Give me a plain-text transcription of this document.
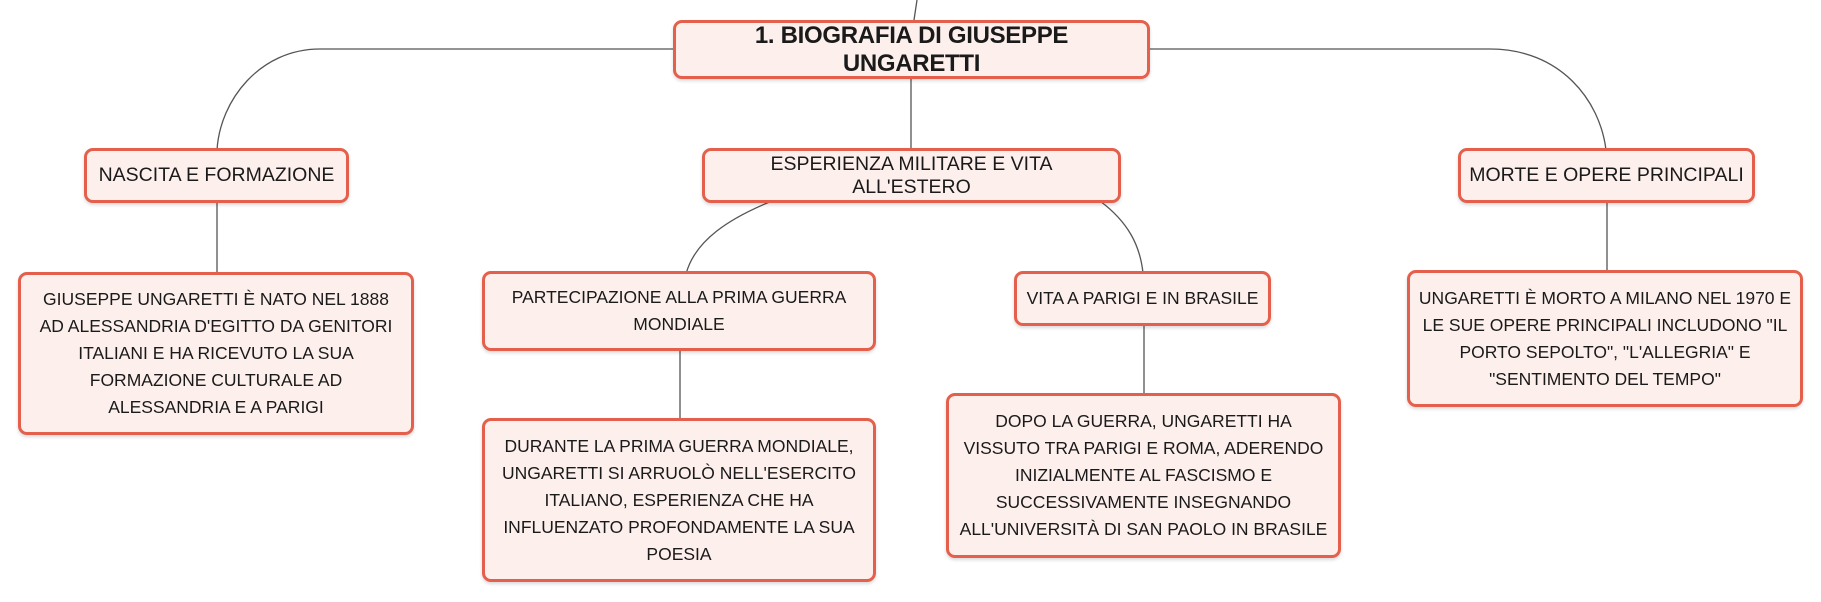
1. BIOGRAFIA DI GIUSEPPE UNGARETTI
NASCITA E FORMAZIONE
ESPERIENZA MILITARE E VITA ALL'ESTERO
MORTE E OPERE PRINCIPALI
GIUSEPPE UNGARETTI È NATO NEL 1888 AD ALESSANDRIA D'EGITTO DA GENITORI ITALIANI E HA RICEVUTO LA SUA FORMAZIONE CULTURALE AD ALESSANDRIA E A PARIGI
PARTECIPAZIONE ALLA PRIMA GUERRA MONDIALE
VITA A PARIGI E IN BRASILE
DURANTE LA PRIMA GUERRA MONDIALE, UNGARETTI SI ARRUOLÒ NELL'ESERCITO ITALIANO, ESPERIENZA CHE HA INFLUENZATO PROFONDAMENTE LA SUA POESIA
DOPO LA GUERRA, UNGARETTI HA VISSUTO TRA PARIGI E ROMA, ADERENDO INIZIALMENTE AL FASCISMO E SUCCESSIVAMENTE INSEGNANDO ALL'UNIVERSITÀ DI SAN PAOLO IN BRASILE
UNGARETTI È MORTO A MILANO NEL 1970 E LE SUE OPERE PRINCIPALI INCLUDONO "IL PORTO SEPOLTO", "L'ALLEGRIA" E "SENTIMENTO DEL TEMPO"
